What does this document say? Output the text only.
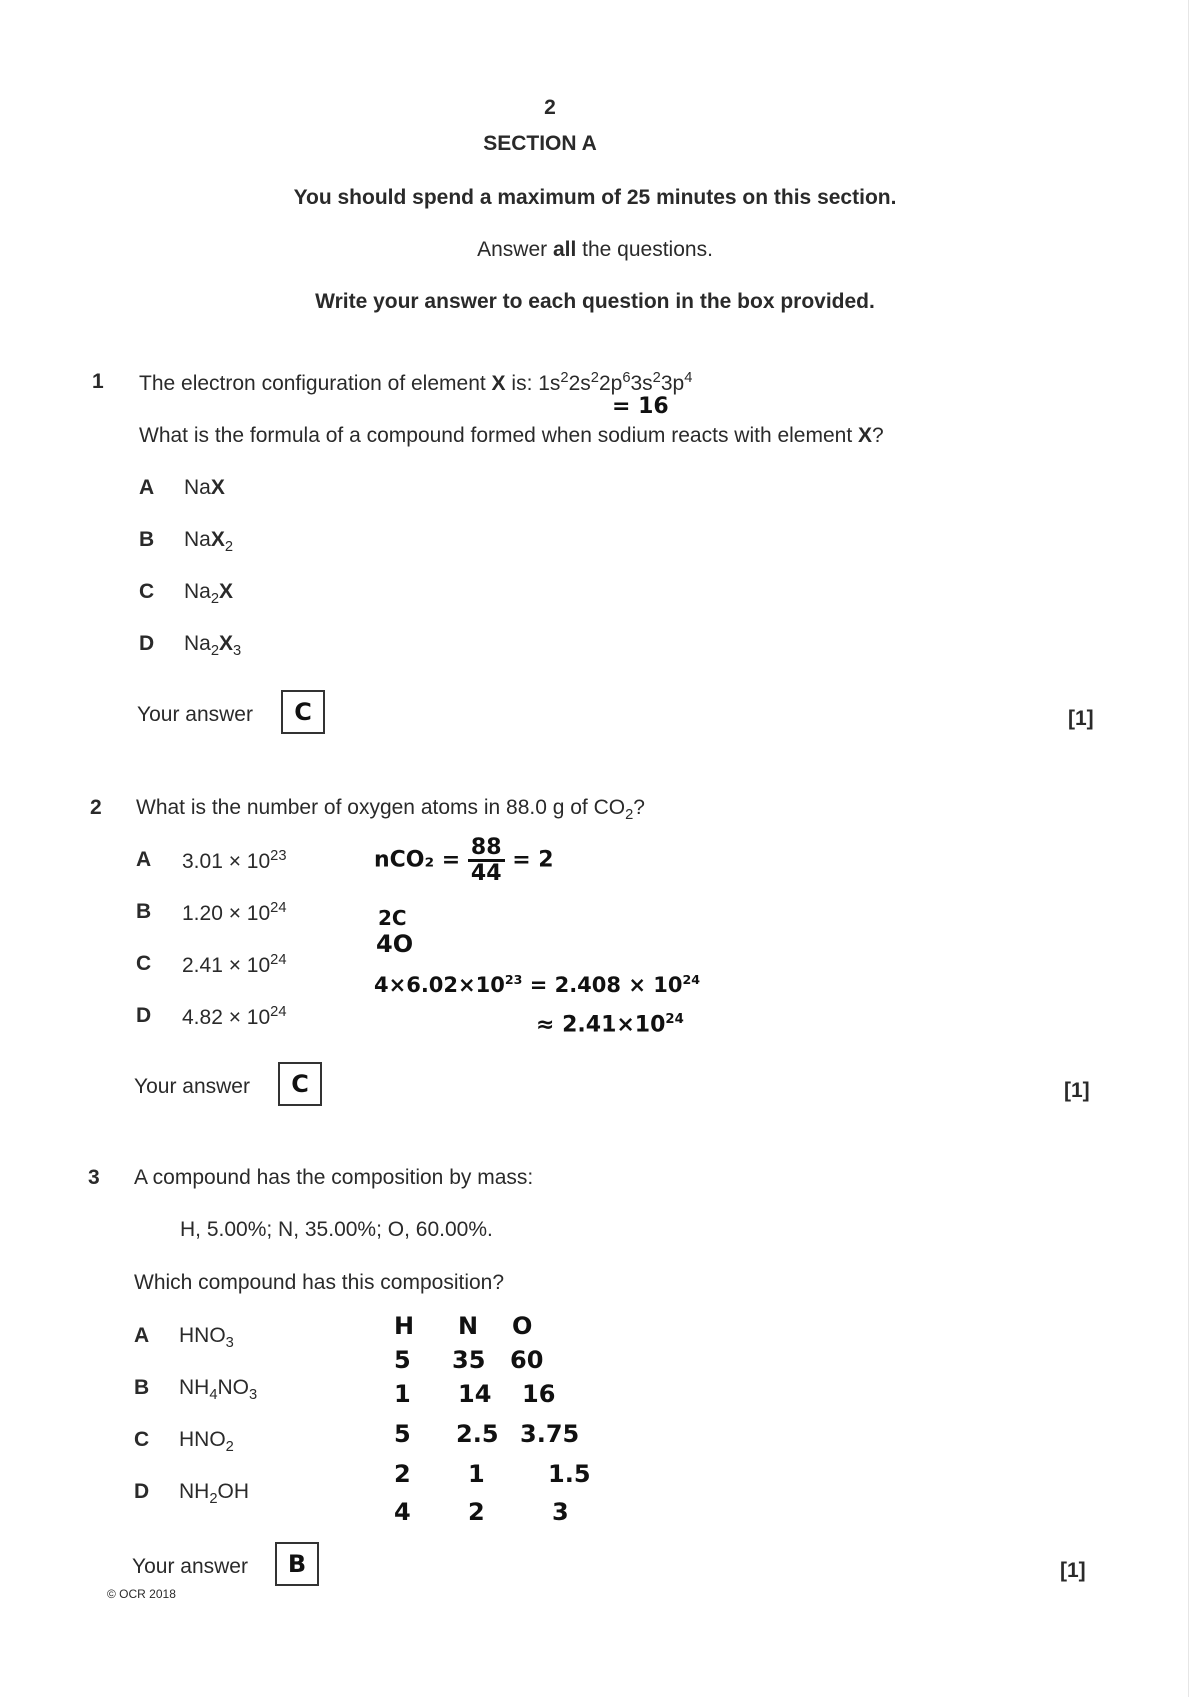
2
SECTION A
You should spend a maximum of 25 minutes on this section.
Answer all the questions.
Write your answer to each question in the box provided.
1 The electron configuration of element X is: $1s^22s^22p^63s^23p^4$
= 16
What is the formula of a compound formed when sodium reacts with element X?
A NaX
B NaX$_2$
C $Na_2X$
D $Na_2X_3$
Your answer	C	[1]
2 What is the number of oxygen atoms in 88.0 g of $CO_2$?
A $3.01 \times 10^{23}$
B $1.20 \times 10^{24}$
C $2.41 \times 10^{24}$
D $4.82 \times 10^{24}$
$nCO_2 = \frac{88}{44} = 2$
2C
4O
$4\times 6.02\times 10^{23} = 2.408 \times 10^{24}$
≈ $2.41\times 10^{24}$
Your answer	C	[1]
3 A compound has the composition by mass:
H, 5.00%; N, 35.00%; O, 60.00%.
Which compound has this composition?
A $HNO_3$
B $NH_4NO_3$
C $HNO_2$
D $NH_2OH$
H N O
5 35 60
1 14 16
5 2.5 3.75
2 1	1.5
4 2	3
Your answer	B	[1]
© OCR 2018
